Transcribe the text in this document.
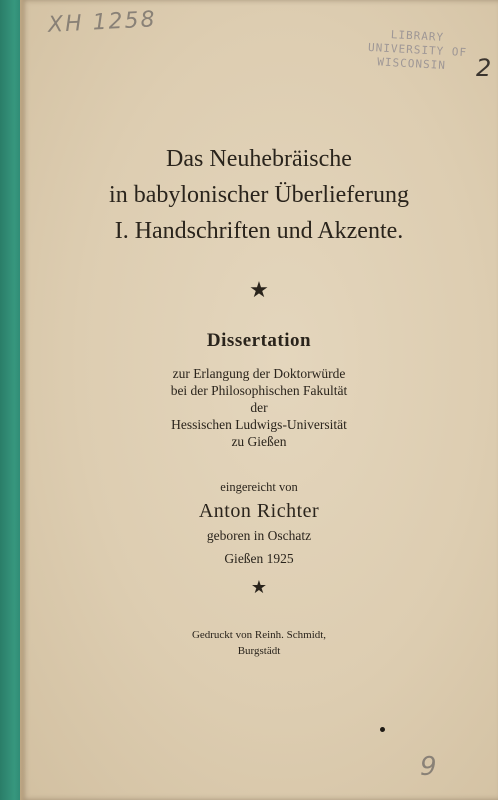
XH 1258
2
9
LIBRARY
UNIVERSITY OF
WISCONSIN
Das Neuhebräische
in babylonischer Überlieferung
I. Handschriften und Akzente.
★
Dissertation
zur Erlangung der Doktorwürde
bei der Philosophischen Fakultät
der
Hessischen Ludwigs-Universität
zu Gießen
eingereicht von
Anton Richter
geboren in Oschatz
Gießen 1925
★
Gedruckt von Reinh. Schmidt,
Burgstädt
